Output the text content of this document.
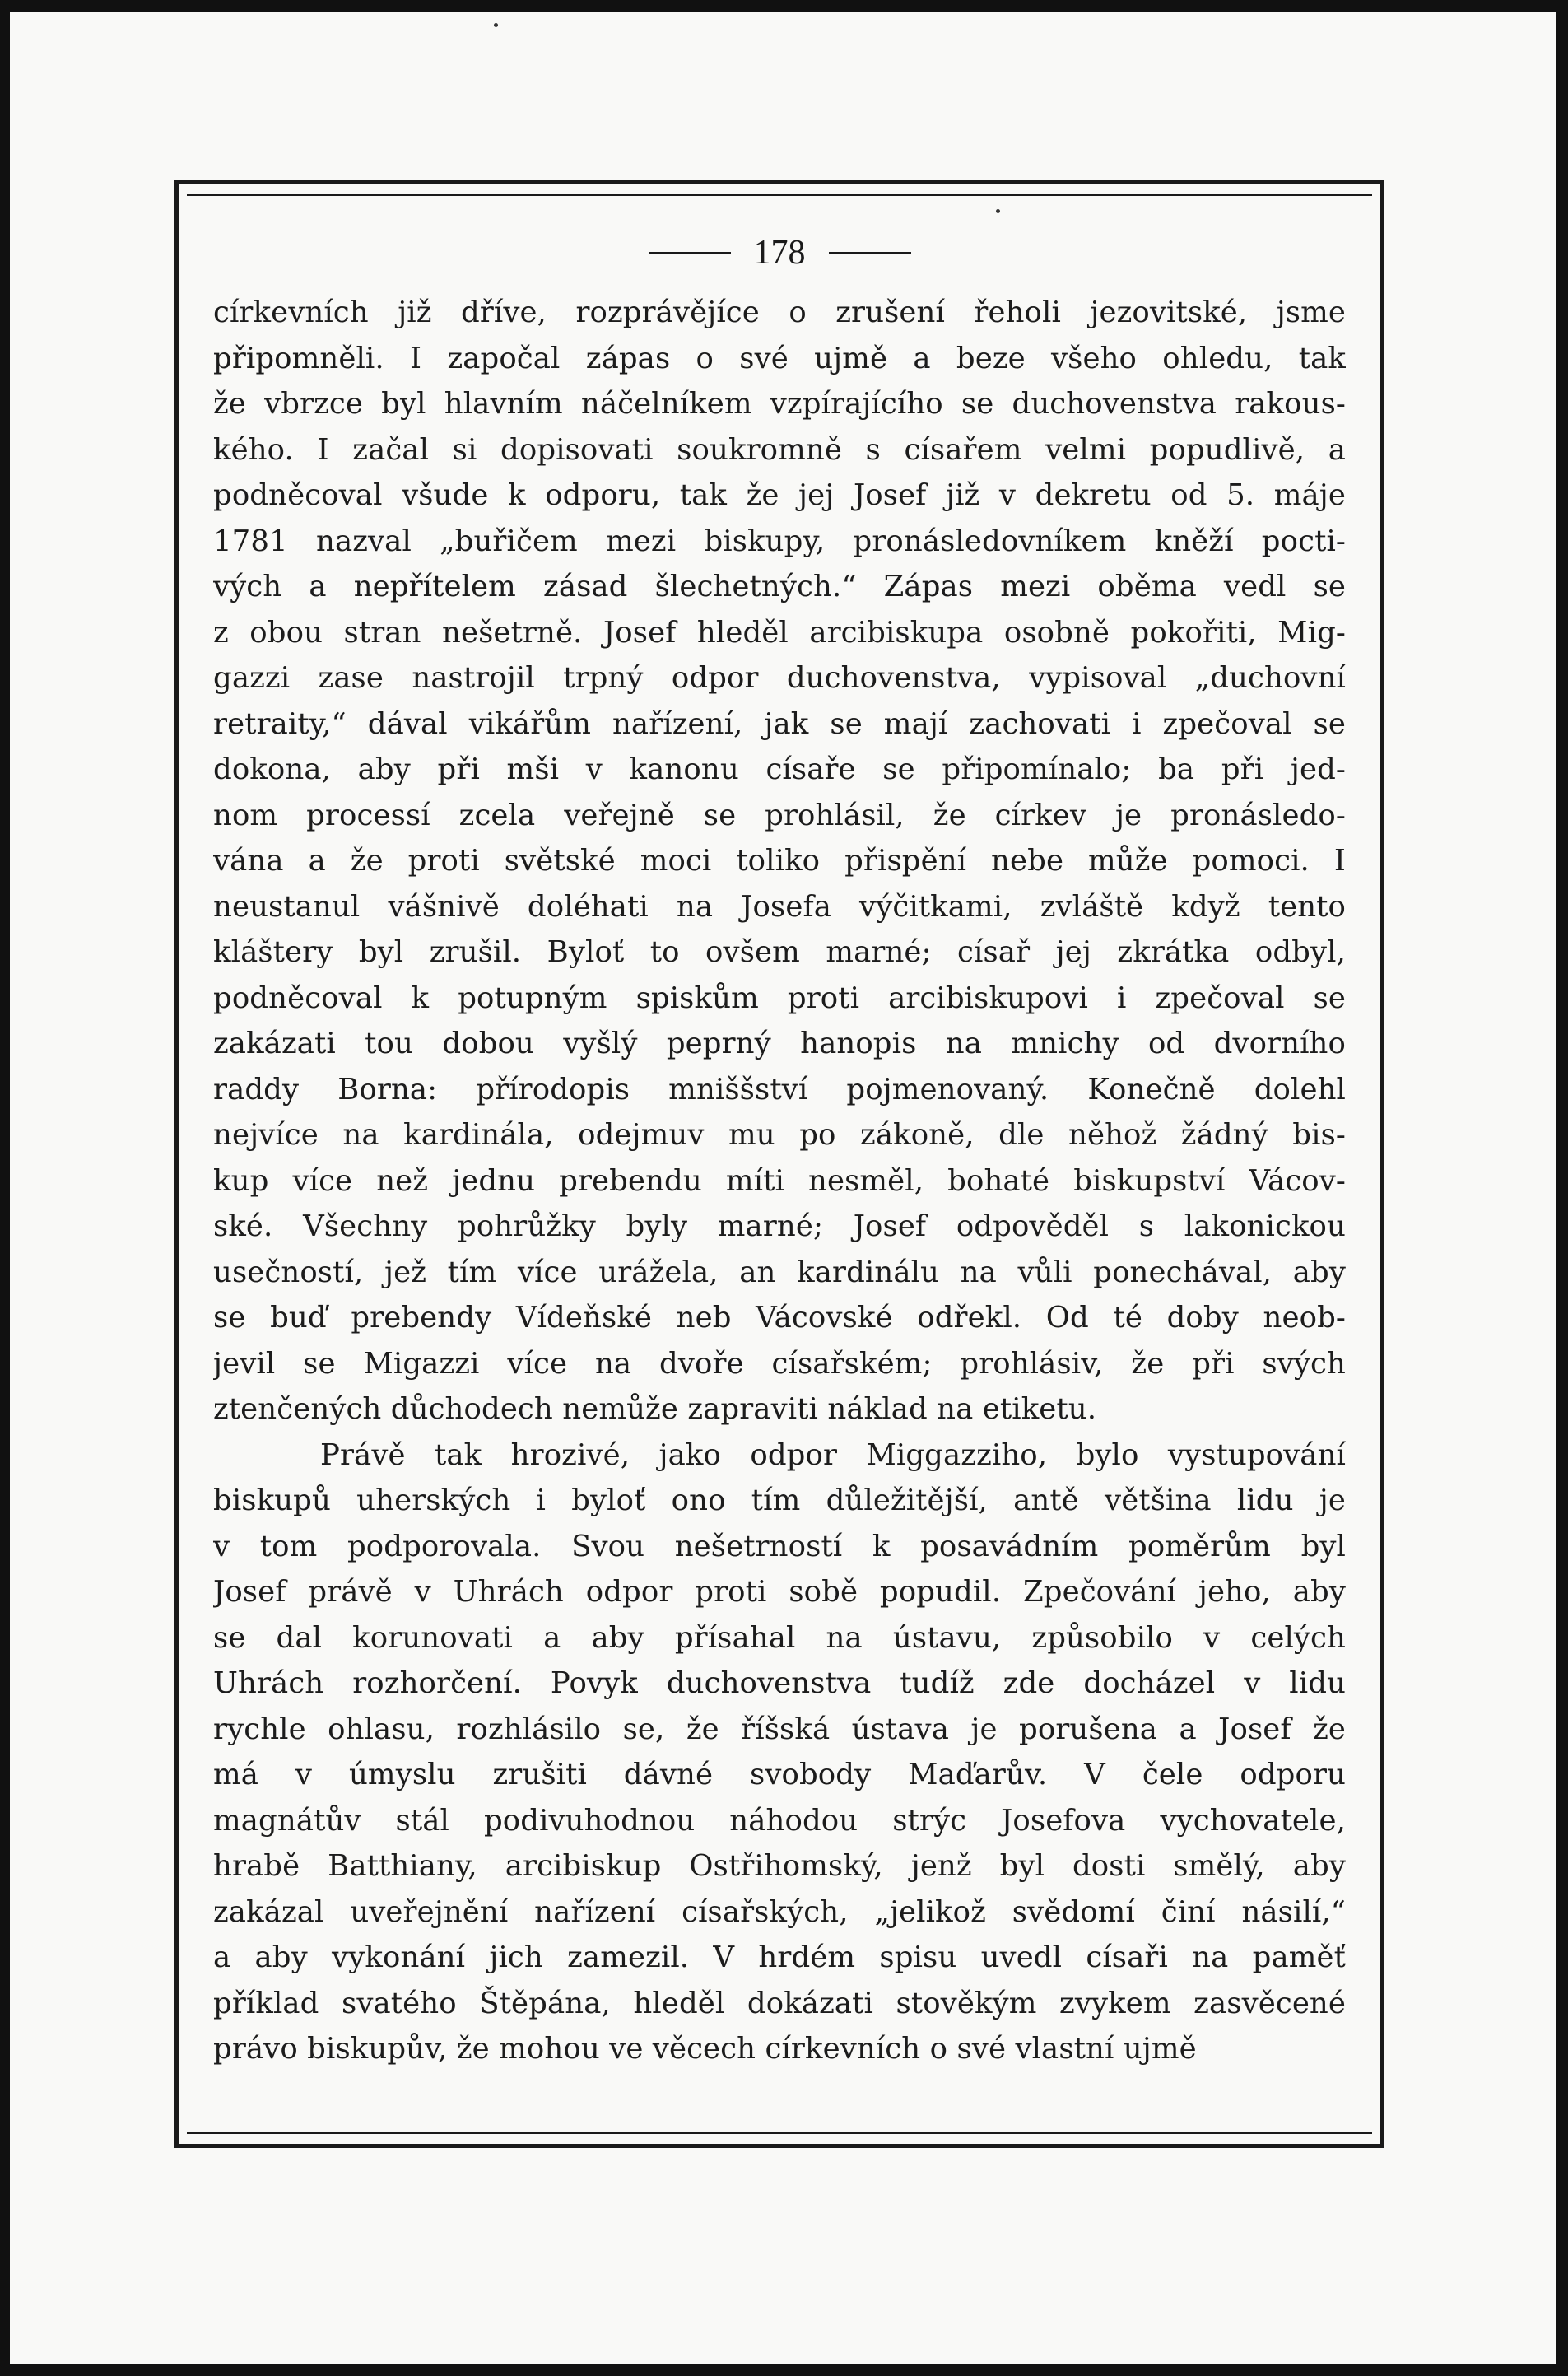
178
církevních již dříve, rozprávějíce o zrušení řeholi jezovitské, jsme
připomněli. I započal zápas o své ujmě a beze všeho ohledu, tak
že vbrzce byl hlavním náčelníkem vzpírajícího se duchovenstva rakous-
kého. I začal si dopisovati soukromně s císařem velmi popudlivě, a
podněcoval všude k odporu, tak že jej Josef již v dekretu od 5. máje
1781 nazval „buřičem mezi biskupy, pronásledovníkem kněží pocti-
vých a nepřítelem zásad šlechetných.“ Zápas mezi oběma vedl se
z obou stran nešetrně. Josef hleděl arcibiskupa osobně pokořiti, Mig-
gazzi zase nastrojil trpný odpor duchovenstva, vypisoval „duchovní
retraity,“ dával vikářům nařízení, jak se mají zachovati i zpečoval se
dokona, aby při mši v kanonu císaře se připomínalo; ba při jed-
nom processí zcela veřejně se prohlásil, že církev je pronásledo-
vána a že proti světské moci toliko přispění nebe může pomoci. I
neustanul vášnivě doléhati na Josefa výčitkami, zvláště když tento
kláštery byl zrušil. Byloť to ovšem marné; císař jej zkrátka odbyl,
podněcoval k potupným spiskům proti arcibiskupovi i zpečoval se
zakázati tou dobou vyšlý peprný hanopis na mnichy od dvorního
raddy Borna: přírodopis mniššství pojmenovaný. Konečně dolehl
nejvíce na kardinála, odejmuv mu po zákoně, dle něhož žádný bis-
kup více než jednu prebendu míti nesměl, bohaté biskupství Vácov-
ské. Všechny pohrůžky byly marné; Josef odpověděl s lakonickou
usečností, jež tím více urážela, an kardinálu na vůli ponechával, aby
se buď prebendy Vídeňské neb Vácovské odřekl. Od té doby neob-
jevil se Migazzi více na dvoře císařském; prohlásiv, že při svých
ztenčených důchodech nemůže zapraviti náklad na etiketu.
Právě tak hrozivé, jako odpor Miggazziho, bylo vystupování
biskupů uherských i byloť ono tím důležitější, antě většina lidu je
v tom podporovala. Svou nešetrností k posavádním poměrům byl
Josef právě v Uhrách odpor proti sobě popudil. Zpečování jeho, aby
se dal korunovati a aby přísahal na ústavu, způsobilo v celých
Uhrách rozhorčení. Povyk duchovenstva tudíž zde docházel v lidu
rychle ohlasu, rozhlásilo se, že říšská ústava je porušena a Josef že
má v úmyslu zrušiti dávné svobody Maďarův. V čele odporu
magnátův stál podivuhodnou náhodou strýc Josefova vychovatele,
hrabě Batthiany, arcibiskup Ostřihomský, jenž byl dosti smělý, aby
zakázal uveřejnění nařízení císařských, „jelikož svědomí činí násilí,“
a aby vykonání jich zamezil. V hrdém spisu uvedl císaři na paměť
příklad svatého Štěpána, hleděl dokázati stověkým zvykem zasvěcené
právo biskupův, že mohou ve věcech církevních o své vlastní ujmě
